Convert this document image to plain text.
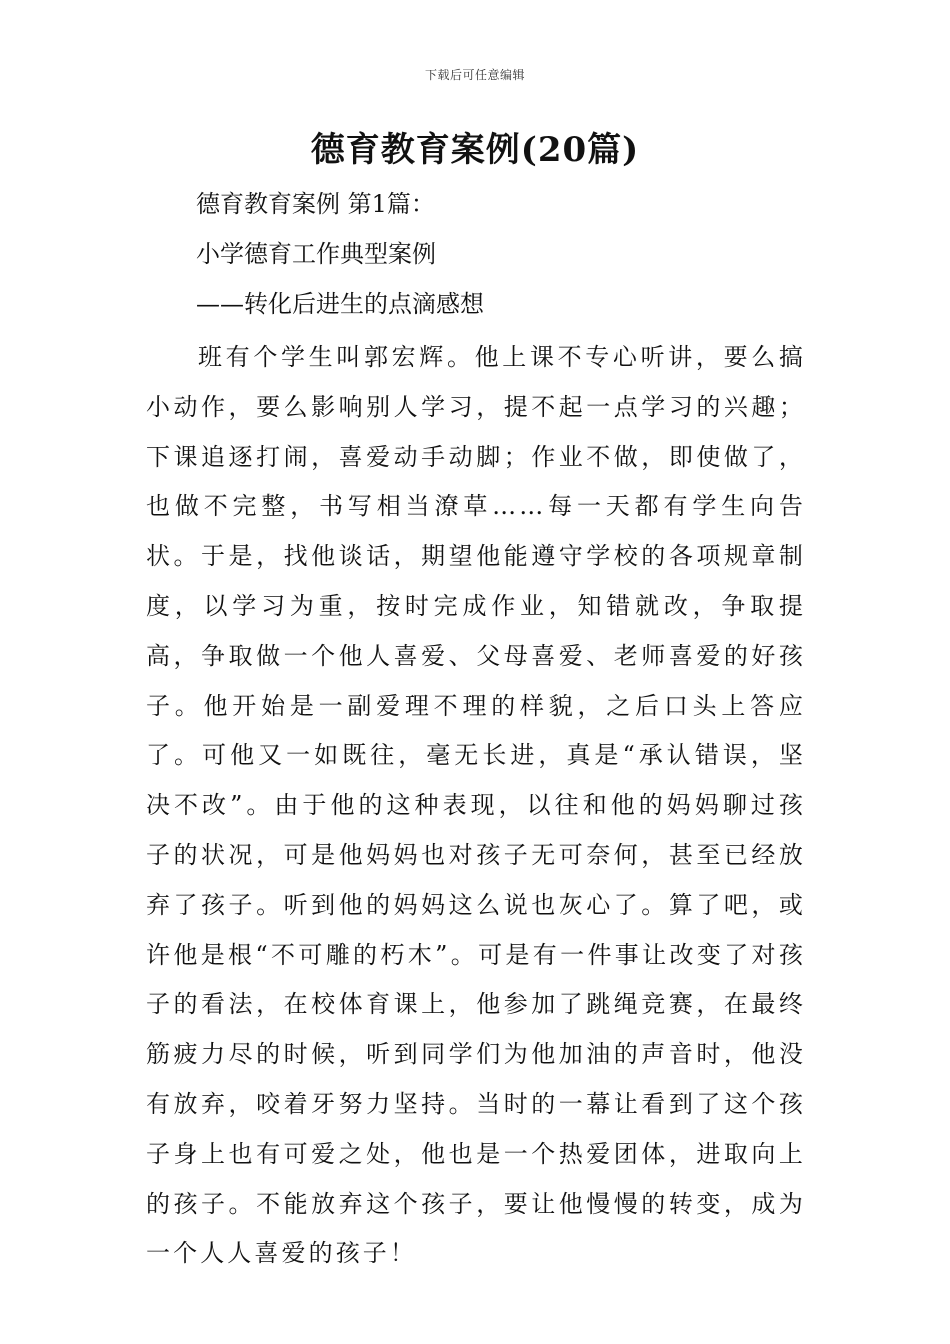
下载后可任意编辑
德育教育案例(20篇)

德育教育案例 第1篇：

小学德育工作典型案例

——转化后进生的点滴感想

班有个学生叫郭宏辉。他上课不专心听讲，要么搞小动作，要么影响别人学习，提不起一点学习的兴趣；下课追逐打闹，喜爱动手动脚；作业不做，即使做了，也做不完整，书写相当潦草……每一天都有学生向告状。于是，找他谈话，期望他能遵守学校的各项规章制度，以学习为重，按时完成作业，知错就改，争取提高，争取做一个他人喜爱、父母喜爱、老师喜爱的好孩子。他开始是一副爱理不理的样貌，之后口头上答应了。可他又一如既往，毫无长进，真是“承认错误，坚决不改”。由于他的这种表现，以往和他的妈妈聊过孩子的状况，可是他妈妈也对孩子无可奈何，甚至已经放弃了孩子。听到他的妈妈这么说也灰心了。算了吧，或许他是根“不可雕的朽木”。可是有一件事让改变了对孩子的看法，在校体育课上，他参加了跳绳竞赛，在最终筋疲力尽的时候，听到同学们为他加油的声音时，他没有放弃，咬着牙努力坚持。当时的一幕让看到了这个孩子身上也有可爱之处，他也是一个热爱团体，进取向上的孩子。不能放弃这个孩子，要让他慢慢的转变，成为一个人人喜爱的孩子！
